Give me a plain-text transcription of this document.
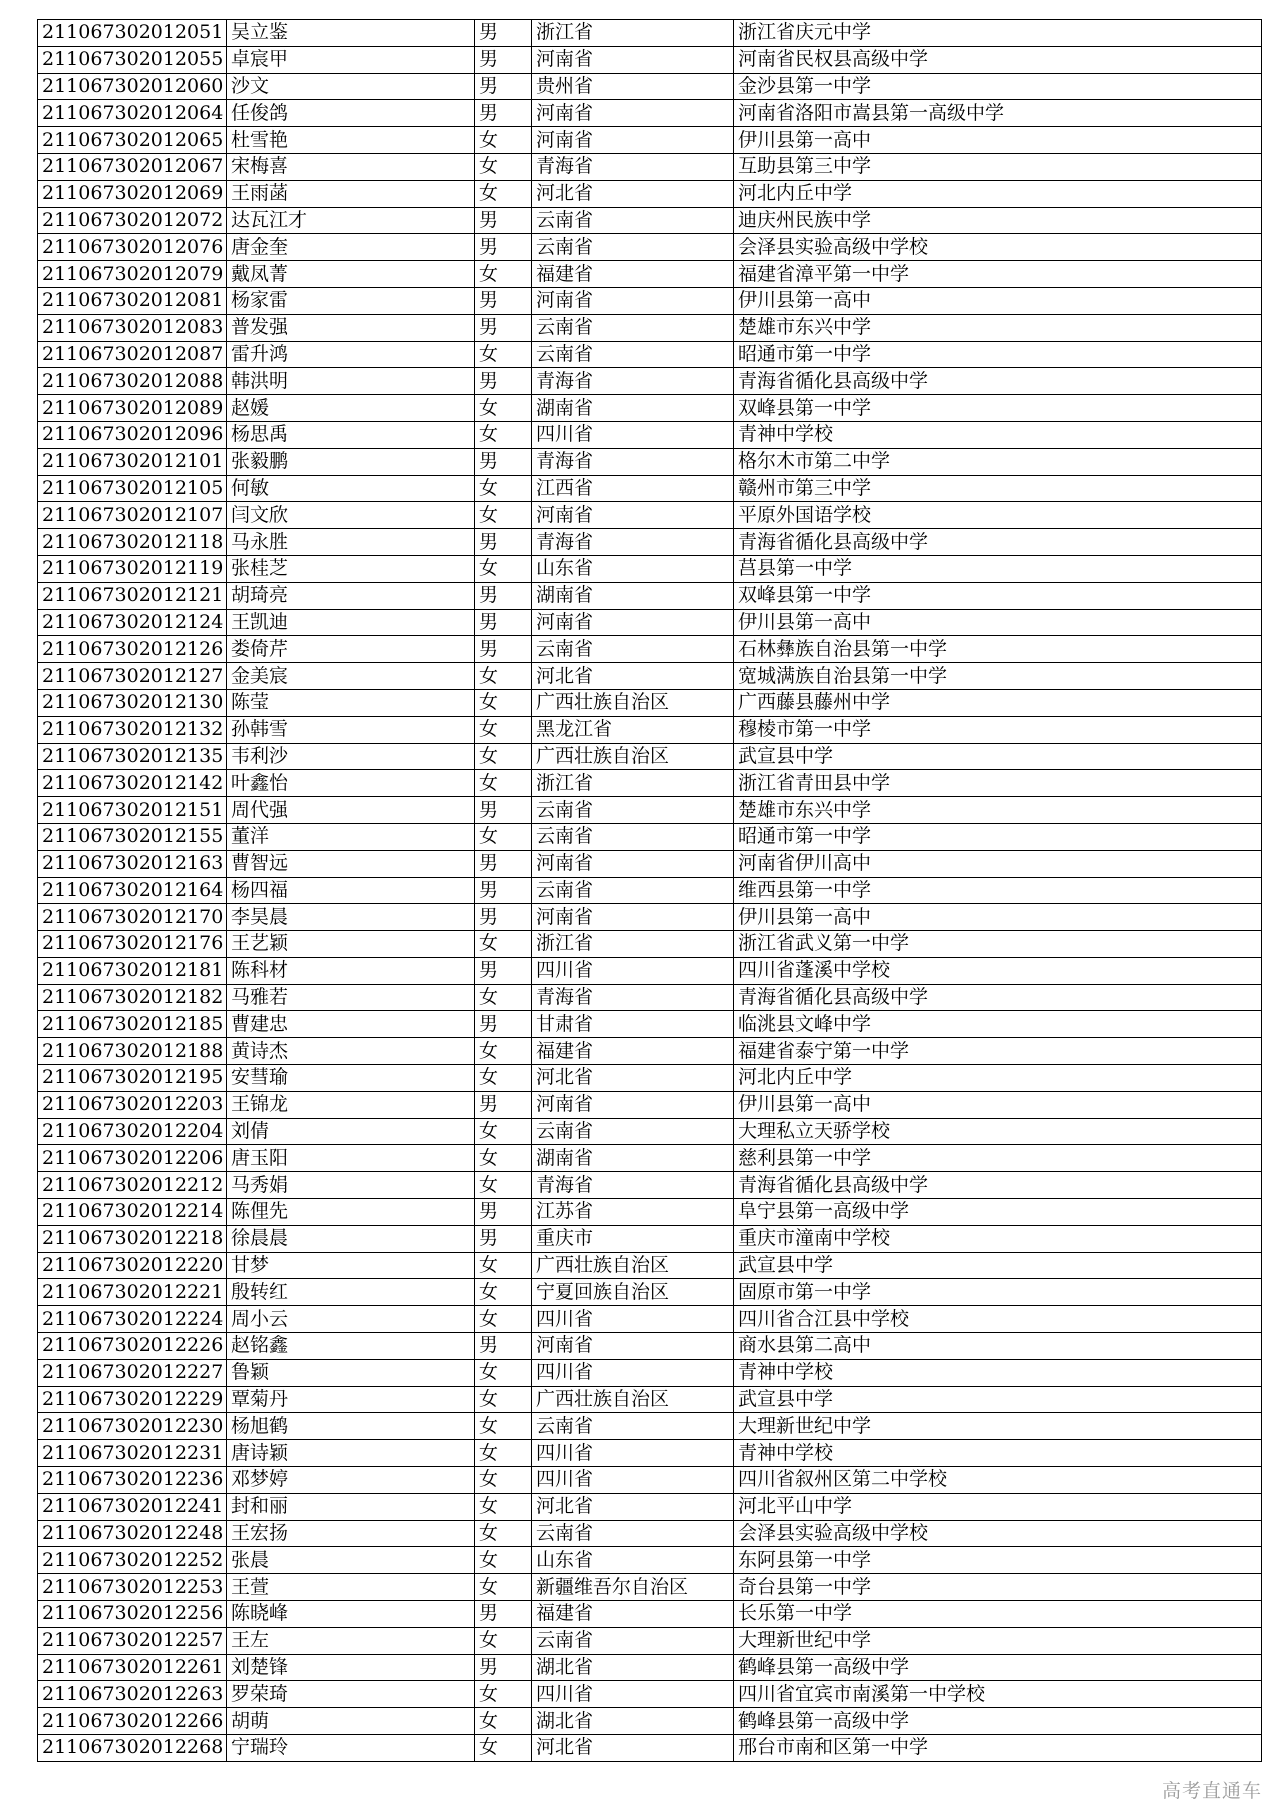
211067302012051	吴立鉴	男	浙江省	浙江省庆元中学
211067302012055	卓宸甲	男	河南省	河南省民权县高级中学
211067302012060	沙文	男	贵州省	金沙县第一中学
211067302012064	任俊鸽	男	河南省	河南省洛阳市嵩县第一高级中学
211067302012065	杜雪艳	女	河南省	伊川县第一高中
211067302012067	宋梅喜	女	青海省	互助县第三中学
211067302012069	王雨菡	女	河北省	河北内丘中学
211067302012072	达瓦江才	男	云南省	迪庆州民族中学
211067302012076	唐金奎	男	云南省	会泽县实验高级中学校
211067302012079	戴凤菁	女	福建省	福建省漳平第一中学
211067302012081	杨家雷	男	河南省	伊川县第一高中
211067302012083	普发强	男	云南省	楚雄市东兴中学
211067302012087	雷升鸿	女	云南省	昭通市第一中学
211067302012088	韩洪明	男	青海省	青海省循化县高级中学
211067302012089	赵媛	女	湖南省	双峰县第一中学
211067302012096	杨思禹	女	四川省	青神中学校
211067302012101	张毅鹏	男	青海省	格尔木市第二中学
211067302012105	何敏	女	江西省	赣州市第三中学
211067302012107	闫文欣	女	河南省	平原外国语学校
211067302012118	马永胜	男	青海省	青海省循化县高级中学
211067302012119	张桂芝	女	山东省	莒县第一中学
211067302012121	胡琦亮	男	湖南省	双峰县第一中学
211067302012124	王凯迪	男	河南省	伊川县第一高中
211067302012126	娄倚芹	男	云南省	石林彝族自治县第一中学
211067302012127	金美宸	女	河北省	宽城满族自治县第一中学
211067302012130	陈莹	女	广西壮族自治区	广西藤县藤州中学
211067302012132	孙韩雪	女	黑龙江省	穆棱市第一中学
211067302012135	韦利沙	女	广西壮族自治区	武宣县中学
211067302012142	叶鑫怡	女	浙江省	浙江省青田县中学
211067302012151	周代强	男	云南省	楚雄市东兴中学
211067302012155	董洋	女	云南省	昭通市第一中学
211067302012163	曹智远	男	河南省	河南省伊川高中
211067302012164	杨四福	男	云南省	维西县第一中学
211067302012170	李昊晨	男	河南省	伊川县第一高中
211067302012176	王艺颖	女	浙江省	浙江省武义第一中学
211067302012181	陈科材	男	四川省	四川省蓬溪中学校
211067302012182	马雅若	女	青海省	青海省循化县高级中学
211067302012185	曹建忠	男	甘肃省	临洮县文峰中学
211067302012188	黄诗杰	女	福建省	福建省泰宁第一中学
211067302012195	安彗瑜	女	河北省	河北内丘中学
211067302012203	王锦龙	男	河南省	伊川县第一高中
211067302012204	刘倩	女	云南省	大理私立天骄学校
211067302012206	唐玉阳	女	湖南省	慈利县第一中学
211067302012212	马秀娟	女	青海省	青海省循化县高级中学
211067302012214	陈俚先	男	江苏省	阜宁县第一高级中学
211067302012218	徐晨晨	男	重庆市	重庆市潼南中学校
211067302012220	甘梦	女	广西壮族自治区	武宣县中学
211067302012221	殷转红	女	宁夏回族自治区	固原市第一中学
211067302012224	周小云	女	四川省	四川省合江县中学校
211067302012226	赵铭鑫	男	河南省	商水县第二高中
211067302012227	鲁颖	女	四川省	青神中学校
211067302012229	覃菊丹	女	广西壮族自治区	武宣县中学
211067302012230	杨旭鹤	女	云南省	大理新世纪中学
211067302012231	唐诗颖	女	四川省	青神中学校
211067302012236	邓梦婷	女	四川省	四川省叙州区第二中学校
211067302012241	封和丽	女	河北省	河北平山中学
211067302012248	王宏扬	女	云南省	会泽县实验高级中学校
211067302012252	张晨	女	山东省	东阿县第一中学
211067302012253	王萱	女	新疆维吾尔自治区	奇台县第一中学
211067302012256	陈晓峰	男	福建省	长乐第一中学
211067302012257	王左	女	云南省	大理新世纪中学
211067302012261	刘楚锋	男	湖北省	鹤峰县第一高级中学
211067302012263	罗荣琦	女	四川省	四川省宜宾市南溪第一中学校
211067302012266	胡萌	女	湖北省	鹤峰县第一高级中学
211067302012268	宁瑞玲	女	河北省	邢台市南和区第一中学
高考直通车
